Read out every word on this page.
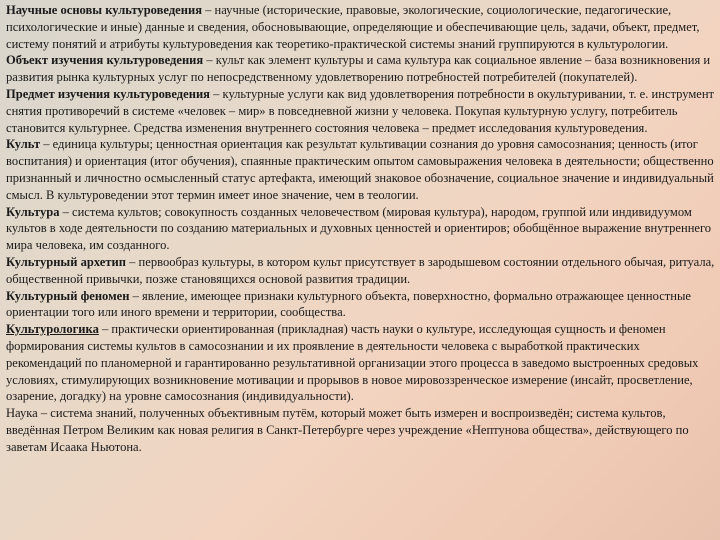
Научные основы культуроведения – научные (исторические, правовые, экологические, социологические, педагогические, психологические и иные) данные и сведения, обосновывающие, определяющие и обеспечивающие цель, задачи, объект, предмет, систему понятий и атрибуты культуроведения как теоретико-практической системы знаний группируются в культурологии.

Объект изучения культуроведения – культ как элемент культуры и сама культура как социальное явление – база возникновения и развития рынка культурных услуг по непосредственному удовлетворению потребностей потребителей (покупателей).

Предмет изучения культуроведения – культурные услуги как вид удовлетворения потребности в окультуривании, т. е. инструмент снятия противоречий в системе «человек – мир» в повседневной жизни у человека. Покупая культурную услугу, потребитель становится культурнее. Средства изменения внутреннего состояния человека – предмет исследования культуроведения.

Культ – единица культуры; ценностная ориентация как результат культивации сознания до уровня самосознания; ценность (итог воспитания) и ориентация (итог обучения), спаянные практическим опытом самовыражения человека в деятельности; общественно признанный и личностно осмысленный статус артефакта, имеющий знаковое обозначение, социальное значение и индивидуальный смысл. В культуроведении этот термин имеет иное значение, чем в теологии.

Культура – система культов; совокупность созданных человечеством (мировая культура), народом, группой или индивидуумом культов в ходе деятельности по созданию материальных и духовных ценностей и ориентиров; обобщённое выражение внутреннего мира человека, им созданного.

Культурный архетип – первообраз культуры, в котором культ присутствует в зародышевом состоянии отдельного обычая, ритуала, общественной привычки, позже становящихся основой развития традиции.

Культурный феномен – явление, имеющее признаки культурного объекта, поверхностно, формально отражающее ценностные ориентации того или иного времени и территории, сообщества.

Культурологика – практически ориентированная (прикладная) часть науки о культуре, исследующая сущность и феномен формирования системы культов в самосознании и их проявление в деятельности человека с выработкой практических рекомендаций по планомерной и гарантированно результативной организации этого процесса в заведомо выстроенных средовых условиях, стимулирующих возникновение мотивации и прорывов в новое мировоззренческое измерение (инсайт, просветление, озарение, догадку) на уровне самосознания (индивидуальности).

Наука – система знаний, полученных объективным путём, который может быть измерен и воспроизведён; система культов, введённая Петром Великим как новая религия в Санкт-Петербурге через учреждение «Нептунова общества», действующего по заветам Исаака Ньютона.
